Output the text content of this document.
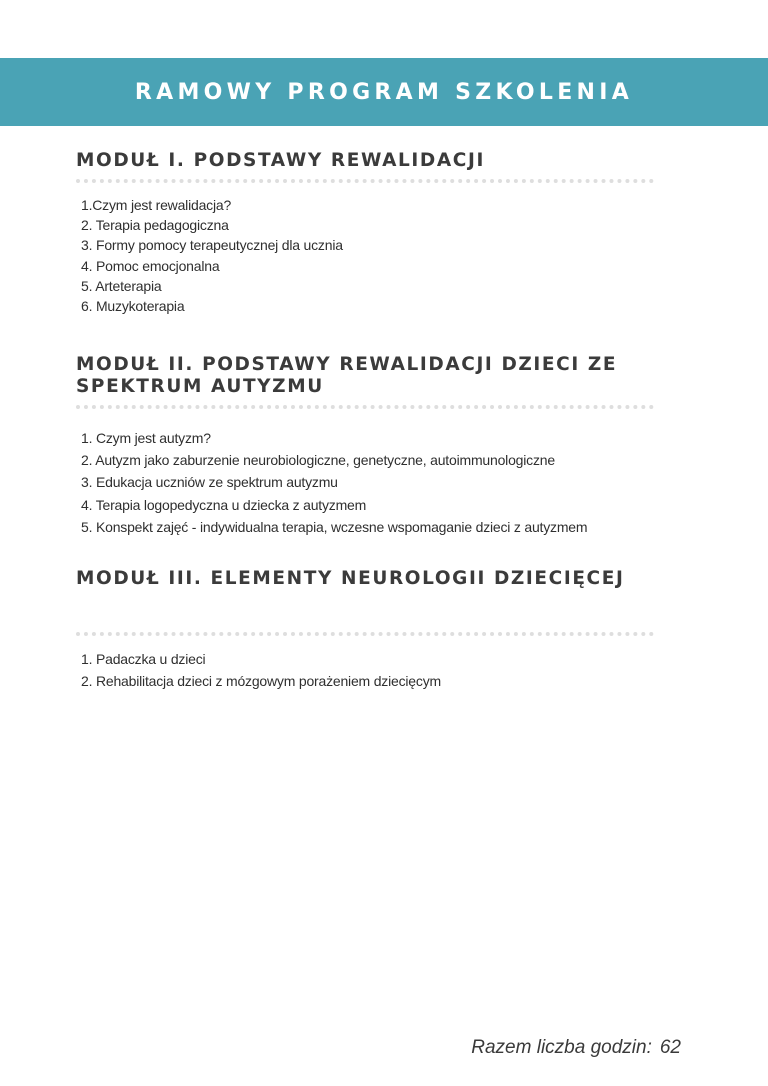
RAMOWY PROGRAM SZKOLENIA
MODUŁ I. PODSTAWY REWALIDACJI
1.Czym jest rewalidacja?
2. Terapia pedagogiczna
3. Formy pomocy terapeutycznej dla ucznia
4. Pomoc emocjonalna
5. Arteterapia
6. Muzykoterapia
MODUŁ II. PODSTAWY REWALIDACJI DZIECI ZE
SPEKTRUM AUTYZMU
1. Czym jest autyzm?
2. Autyzm jako zaburzenie neurobiologiczne, genetyczne, autoimmunologiczne
3. Edukacja uczniów ze spektrum autyzmu
4. Terapia logopedyczna u dziecka z autyzmem
5. Konspekt zajęć - indywidualna terapia, wczesne wspomaganie dzieci z autyzmem
MODUŁ III. ELEMENTY NEUROLOGII DZIECIĘCEJ
1. Padaczka u dzieci
2. Rehabilitacja dzieci z mózgowym porażeniem dziecięcym
Razem liczba godzin: 62
